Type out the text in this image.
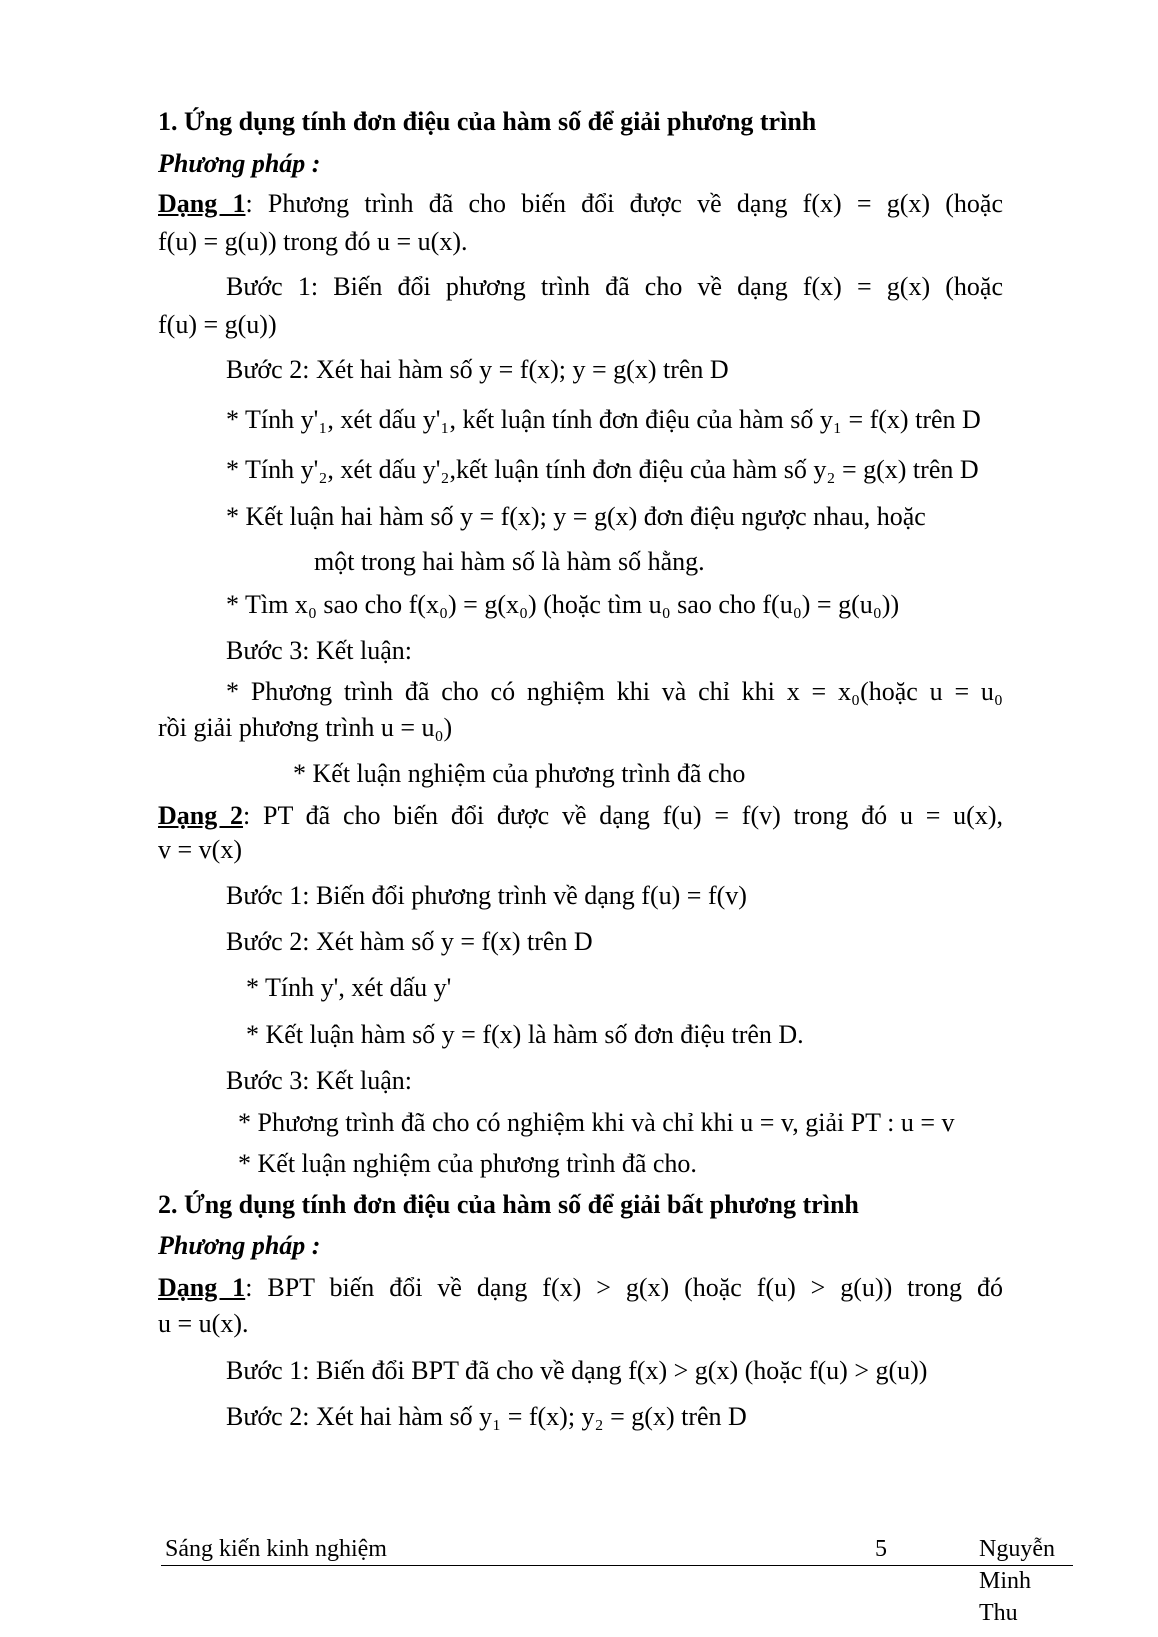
1. Ứng dụng tính đơn điệu của hàm số để giải phương trình
Phương pháp :
Dạng 1: Phương trình đã cho biến đổi được về dạng f(x) = g(x) (hoặc
f(u) = g(u)) trong đó u = u(x).
Bước 1: Biến đổi phương trình đã cho về dạng f(x) = g(x) (hoặc
f(u) = g(u))
Bước 2: Xét hai hàm số y = f(x); y = g(x) trên D
* Tính y'₁, xét dấu y'₁, kết luận tính đơn điệu của hàm số y₁ = f(x) trên D
* Tính y'₂, xét dấu y'₂,kết luận tính đơn điệu của hàm số y₂ = g(x) trên D
* Kết luận hai hàm số y = f(x); y = g(x) đơn điệu ngược nhau, hoặc
một trong hai hàm số là hàm số hằng.
* Tìm x₀ sao cho f(x₀) = g(x₀) (hoặc tìm u₀ sao cho f(u₀) = g(u₀))
Bước 3: Kết luận:
* Phương trình đã cho có nghiệm khi và chỉ khi x = x₀(hoặc u = u₀
rồi giải phương trình u = u₀)
* Kết luận nghiệm của phương trình đã cho
Dạng 2: PT đã cho biến đổi được về dạng f(u) = f(v) trong đó u = u(x),
v = v(x)
Bước 1: Biến đổi phương trình về dạng f(u) = f(v)
Bước 2: Xét hàm số y = f(x) trên D
* Tính y', xét dấu y'
* Kết luận hàm số y = f(x) là hàm số đơn điệu trên D.
Bước 3: Kết luận:
* Phương trình đã cho có nghiệm khi và chỉ khi u = v, giải PT : u = v
* Kết luận nghiệm của phương trình đã cho.
2. Ứng dụng tính đơn điệu của hàm số để giải bất phương trình
Phương pháp :
Dạng 1: BPT biến đổi về dạng f(x) > g(x) (hoặc f(u) > g(u)) trong đó
u = u(x).
Bước 1: Biến đổi BPT đã cho về dạng f(x) > g(x) (hoặc f(u) > g(u))
Bước 2: Xét hai hàm số y₁ = f(x); y₂ = g(x) trên D
Sáng kiến kinh nghiệm	Nguyễn Minh Thu
5
